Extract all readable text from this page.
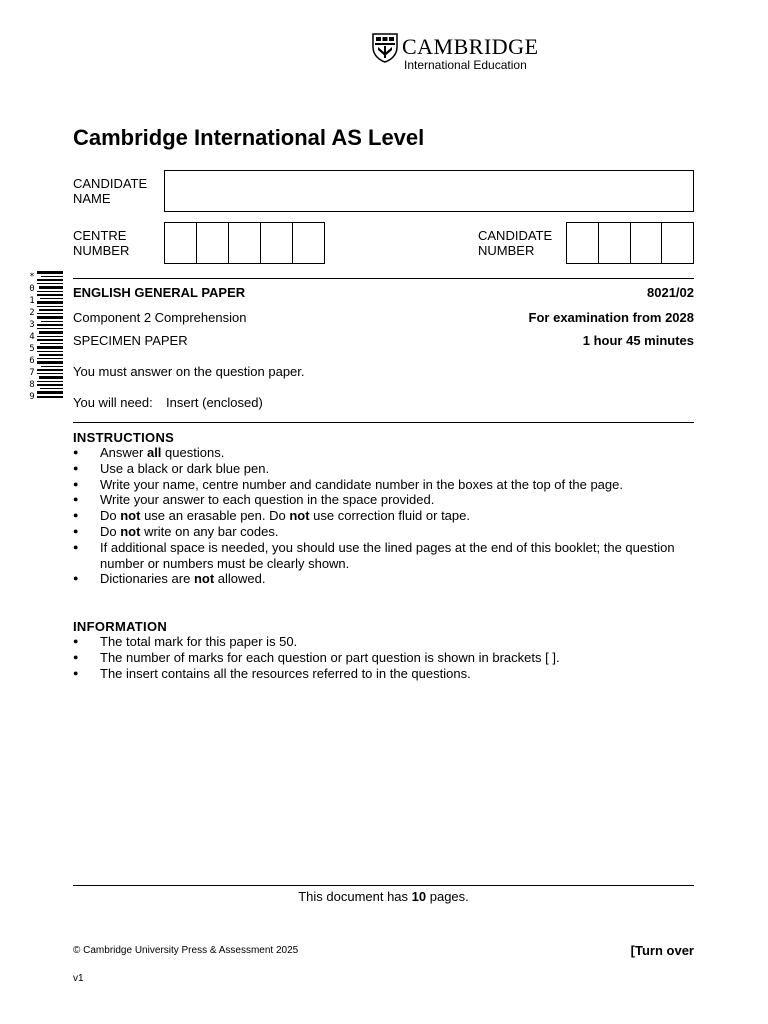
CAMBRIDGE
International Education
Cambridge International AS Level
CANDIDATE
NAME
CENTRE
NUMBER
CANDIDATE
NUMBER
*
0
1
2
3
4
5
6
7
8
9
ENGLISH GENERAL PAPER	8021/02
Component 2 Comprehension	For examination from 2028
SPECIMEN PAPER	1 hour 45 minutes
You must answer on the question paper.
You will need: Insert (enclosed)
INSTRUCTIONS
● Answer all questions.
● Use a black or dark blue pen.
● Write your name, centre number and candidate number in the boxes at the top of the page.
● Write your answer to each question in the space provided.
● Do not use an erasable pen. Do not use correction fluid or tape.
● Do not write on any bar codes.
● If additional space is needed, you should use the lined pages at the end of this booklet; the question number or numbers must be clearly shown.
● Dictionaries are not allowed.
INFORMATION
● The total mark for this paper is 50.
● The number of marks for each question or part question is shown in brackets [ ].
● The insert contains all the resources referred to in the questions.
This document has 10 pages.
© Cambridge University Press & Assessment 2025	[Turn over
v1
